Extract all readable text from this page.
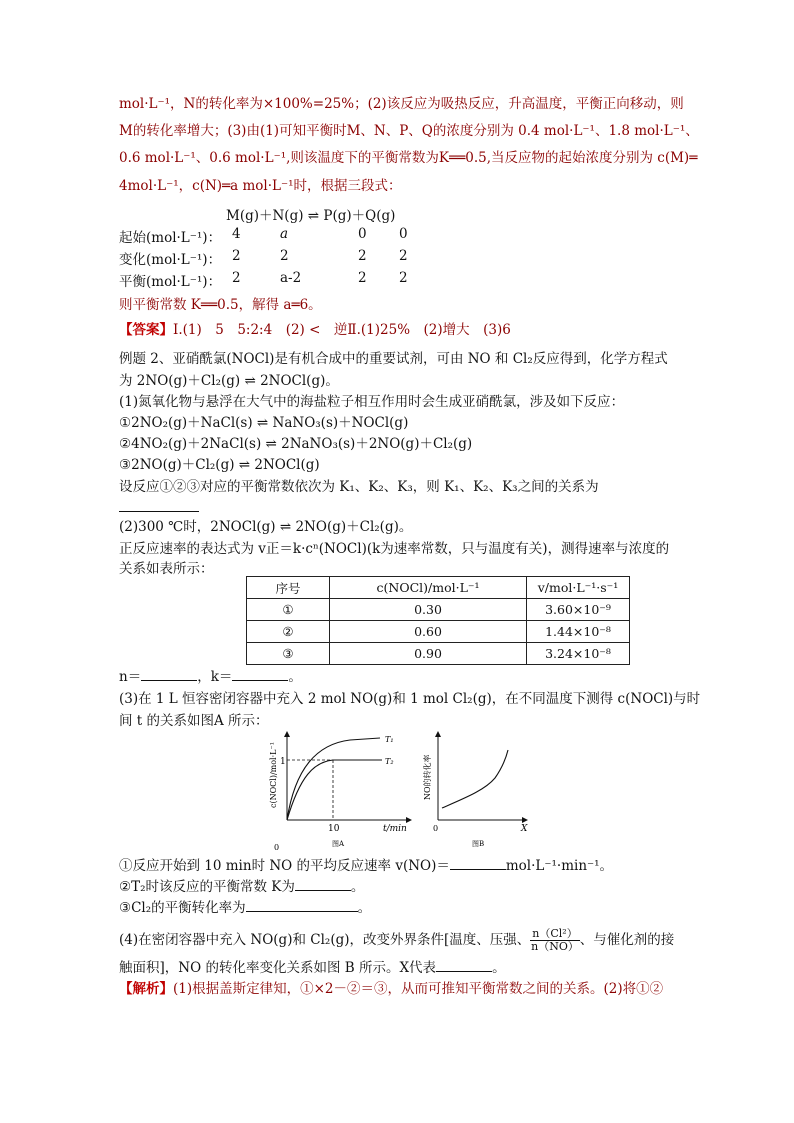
mol·L⁻¹，N的转化率为×100%=25%；(2)该反应为吸热反应，升高温度，平衡正向移动，则
M的转化率增大；(3)由(1)可知平衡时M、N、P、Q的浓度分别为 0.4 mol·L⁻¹、1.8 mol·L⁻¹、
0.6 mol·L⁻¹、0.6 mol·L⁻¹,则该温度下的平衡常数为K══0.5,当反应物的起始浓度分别为 c(M)═
4mol·L⁻¹，c(N)═a mol·L⁻¹时，根据三段式：
M(g)＋N(g) ⇌ P(g)＋Q(g)
起始(mol·L⁻¹)： 4	a	0 0
变化(mol·L⁻¹)： 2	2	2 2
平衡(mol·L⁻¹)： 2	a-2	2 2
则平衡常数 K══0.5，解得 a═6。
【答案】Ⅰ.(1)　5　5:2:4　(2) <　逆Ⅱ.(1)25%　(2)增大　(3)6
例题 2、亚硝酰氯(NOCl)是有机合成中的重要试剂，可由 NO 和 Cl₂反应得到，化学方程式
为 2NO(g)＋Cl₂(g) ⇌ 2NOCl(g)。
(1)氮氧化物与悬浮在大气中的海盐粒子相互作用时会生成亚硝酰氯，涉及如下反应：
①2NO₂(g)＋NaCl(s) ⇌ NaNO₃(s)＋NOCl(g)
②4NO₂(g)＋2NaCl(s) ⇌ 2NaNO₃(s)＋2NO(g)＋Cl₂(g)
③2NO(g)＋Cl₂(g) ⇌ 2NOCl(g)
设反应①②③对应的平衡常数依次为 K₁、K₂、K₃，则 K₁、K₂、K₃之间的关系为
(2)300 ℃时，2NOCl(g) ⇌ 2NO(g)＋Cl₂(g)。
正反应速率的表达式为 v正＝k·cⁿ(NOCl)(k为速率常数，只与温度有关)，测得速率与浓度的
关系如表所示：
序号	c(NOCl)/mol·L⁻¹	v/mol·L⁻¹·s⁻¹
①	0.30	3.60×10⁻⁹
②	0.60	1.44×10⁻⁸
③	0.90	3.24×10⁻⁸
n＝	，k＝	。
(3)在 1 L 恒容密闭容器中充入 2 mol NO(g)和 1 mol Cl₂(g)，在不同温度下测得 c(NOCl)与时
间 t 的关系如图A 所示：
0
10
1
t/min
T₁
T₂
图A
c(NOCl)/mol·L⁻¹
0	X
图B
NO的转化率
①反应开始到 10 min时 NO 的平均反应速率 v(NO)＝	mol·L⁻¹·min⁻¹。
②T₂时该反应的平衡常数 K为	。
③Cl₂的平衡转化率为	。
(4)在密闭容器中充入 NO(g)和 Cl₂(g)，改变外界条件[温度、压强、 $\frac{\text{n（Cl²）}}{n(NO)}$ 、与催化剂的接
触面积]，NO 的转化率变化关系如图 B 所示。X代表	。
【解析】(1)根据盖斯定律知，①×2－②＝③，从而可推知平衡常数之间的关系。(2)将①②
